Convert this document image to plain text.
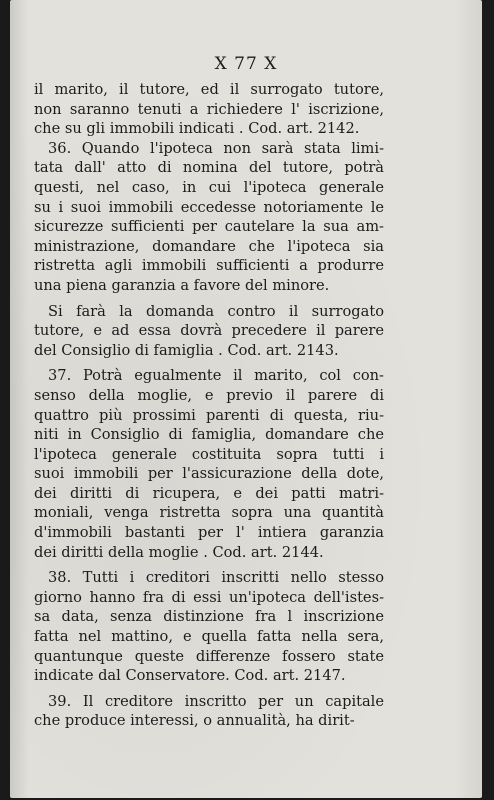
X 77 X
il marito, il tutore, ed il surrogato tutore,
non saranno tenuti a richiedere l' iscrizione,
che su gli immobili indicati . Cod. art. 2142.
36. Quando l'ipoteca non sarà stata limi-
tata dall' atto di nomina del tutore, potrà
questi, nel caso, in cui l'ipoteca generale
su i suoi immobili eccedesse notoriamente le
sicurezze sufficienti per cautelare la sua am-
ministrazione, domandare che l'ipoteca sia
ristretta agli immobili sufficienti a produrre
una piena garanzia a favore del minore.
Si farà la domanda contro il surrogato
tutore, e ad essa dovrà precedere il parere
del Consiglio di famiglia . Cod. art. 2143.
37. Potrà egualmente il marito, col con-
senso della moglie, e previo il parere di
quattro più prossimi parenti di questa, riu-
niti in Consiglio di famiglia, domandare che
l'ipoteca generale costituita sopra tutti i
suoi immobili per l'assicurazione della dote,
dei diritti di ricupera, e dei patti matri-
moniali, venga ristretta sopra una quantità
d'immobili bastanti per l' intiera garanzia
dei diritti della moglie . Cod. art. 2144.
38. Tutti i creditori inscritti nello stesso
giorno hanno fra di essi un'ipoteca dell'istes-
sa data, senza distinzione fra l inscrizione
fatta nel mattino, e quella fatta nella sera,
quantunque queste differenze fossero state
indicate dal Conservatore. Cod. art. 2147.
39. Il creditore inscritto per un capitale
che produce interessi, o annualità, ha dirit-
